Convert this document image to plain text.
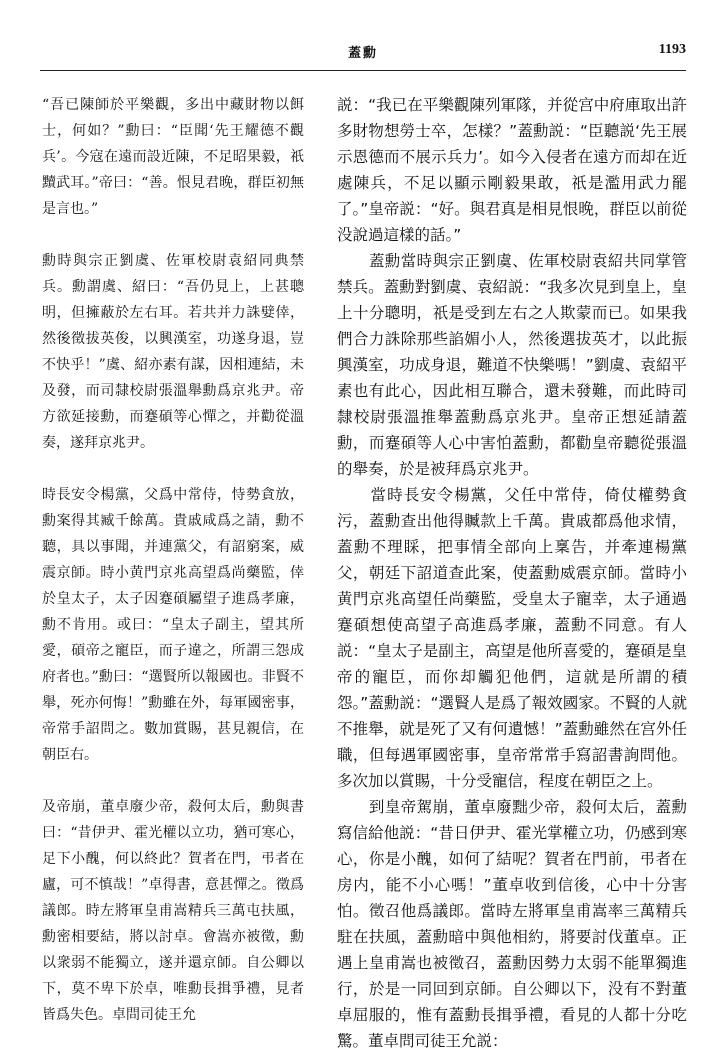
蓋勳	1193

“吾已陳師於平樂觀，多出中藏財物以餌士，何如？”勳曰：“臣聞‘先王耀德不觀兵’。今寇在遠而設近陳，不足昭果毅，祇黷武耳。”帝曰：“善。恨見君晚，群臣初無是言也。”

勳時與宗正劉虞、佐軍校尉袁紹同典禁兵。勳謂虞、紹曰：“吾仍見上，上甚聰明，但擁蔽於左右耳。若共并力誅嬖倖，然後徵拔英俊，以興漢室，功遂身退，豈不快乎！”虞、紹亦素有謀，因相連結，未及發，而司隸校尉張溫舉勳爲京兆尹。帝方欲延接勳，而蹇碩等心憚之，并勸從溫奏，遂拜京兆尹。

時長安令楊黨，父爲中常侍，恃勢貪放，勳案得其臧千餘萬。貴戚咸爲之請，勳不聽，具以事聞，并連黨父，有詔窮案，威震京師。時小黄門京兆高望爲尚藥監，倖於皇太子，太子因蹇碩屬望子進爲孝廉，勳不肯用。或曰：“皇太子副主，望其所愛，碩帝之寵臣，而子違之，所謂三怨成府者也。”勳曰：“選賢所以報國也。非賢不舉，死亦何悔！”勳雖在外，每軍國密事，帝常手詔問之。數加賞賜，甚見親信，在朝臣右。

及帝崩，董卓廢少帝，殺何太后，勳與書曰：“昔伊尹、霍光權以立功，猶可寒心，足下小醜，何以終此？賀者在門，弔者在廬，可不慎哉！”卓得書，意甚憚之。徵爲議郎。時左將軍皇甫嵩精兵三萬屯扶風，勳密相要結，將以討卓。會嵩亦被徵，勳以衆弱不能獨立，遂并還京師。自公卿以下，莫不卑下於卓，唯勳長揖爭禮，見者皆爲失色。卓問司徒王允

説：“我已在平樂觀陳列軍隊，并從宫中府庫取出許多財物想勞士卒，怎樣？”蓋勳説：“臣聽説‘先王展示恩德而不展示兵力’。如今入侵者在遠方而却在近處陳兵，不足以顯示剛毅果敢，祇是濫用武力罷了。”皇帝説：“好。與君真是相見恨晚，群臣以前從没說過這樣的話。”

　　蓋勳當時與宗正劉虞、佐軍校尉袁紹共同掌管禁兵。蓋勳對劉虞、袁紹説：“我多次見到皇上，皇上十分聰明，祇是受到左右之人欺蒙而已。如果我們合力誅除那些諂媚小人，然後選拔英才，以此振興漢室，功成身退，難道不快樂嗎！”劉虞、袁紹平素也有此心，因此相互聯合，還未發難，而此時司隸校尉張溫推舉蓋勳爲京兆尹。皇帝正想延請蓋勳，而蹇碩等人心中害怕蓋勳，都勸皇帝聽從張溫的舉奏，於是被拜爲京兆尹。

　　當時長安令楊黨，父任中常侍，倚仗權勢貪污，蓋勳查出他得贓款上千萬。貴戚都爲他求情，蓋勳不理睬，把事情全部向上稟告，并牽連楊黨父，朝廷下詔道查此案，使蓋勳威震京師。當時小黄門京兆高望任尚藥監，受皇太子寵幸，太子通過蹇碩想使高望子高進爲孝廉，蓋勳不同意。有人説：“皇太子是副主，高望是他所喜愛的，蹇碩是皇帝的寵臣，而你却觸犯他們，這就是所謂的積怨。”蓋勳説：“選賢人是爲了報效國家。不賢的人就不推舉，就是死了又有何遺憾！”蓋勳雖然在宫外任職，但每遇軍國密事，皇帝常常手寫詔書詢問他。多次加以賞賜，十分受寵信，程度在朝臣之上。

　　到皇帝駕崩，董卓廢黜少帝，殺何太后，蓋勳寫信給他説：“昔日伊尹、霍光掌權立功，仍感到寒心，你是小醜，如何了結呢？賀者在門前，弔者在房内，能不小心嗎！”董卓收到信後，心中十分害怕。徵召他爲議郎。當時左將軍皇甫嵩率三萬精兵駐在扶風，蓋勳暗中與他相約，將要討伐董卓。正遇上皇甫嵩也被徵召，蓋勳因勢力太弱不能單獨進行，於是一同回到京師。自公卿以下，没有不對董卓屈服的，惟有蓋勳長揖爭禮，看見的人都十分吃驚。董卓問司徒王允説：
